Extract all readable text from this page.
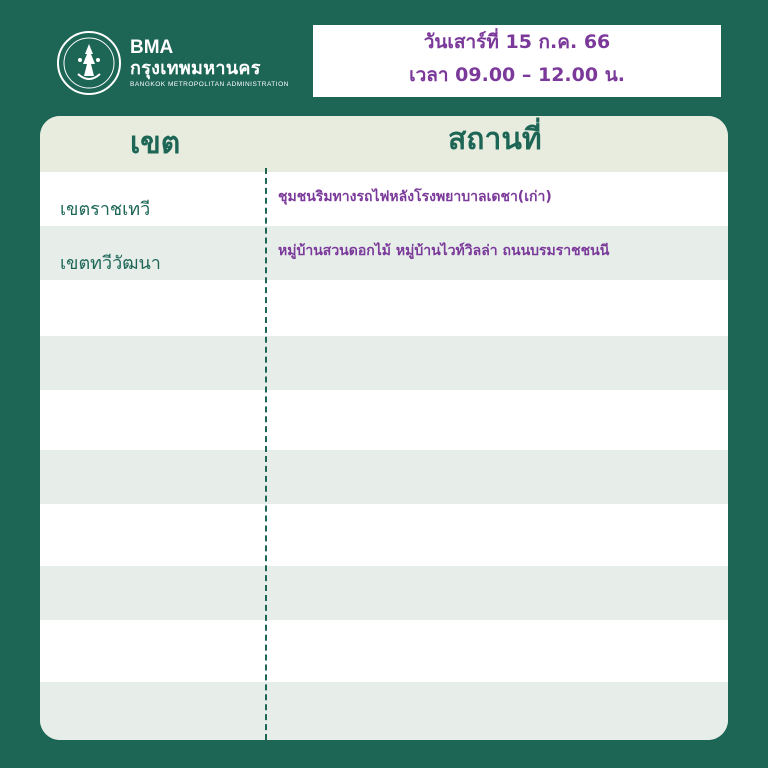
BMA
กรุงเทพมหานคร
BANGKOK METROPOLITAN ADMINISTRATION
วันเสาร์ที่ 15 ก.ค. 66
เวลา 09.00 – 12.00 น.
เขต	สถานที่
เขตราชเทวี
ชุมชนริมทางรถไฟหลังโรงพยาบาลเดชา(เก่า)
เขตทวีวัฒนา
หมู่บ้านสวนดอกไม้ หมู่บ้านไวท์วิลล่า ถนนบรมราชชนนี
